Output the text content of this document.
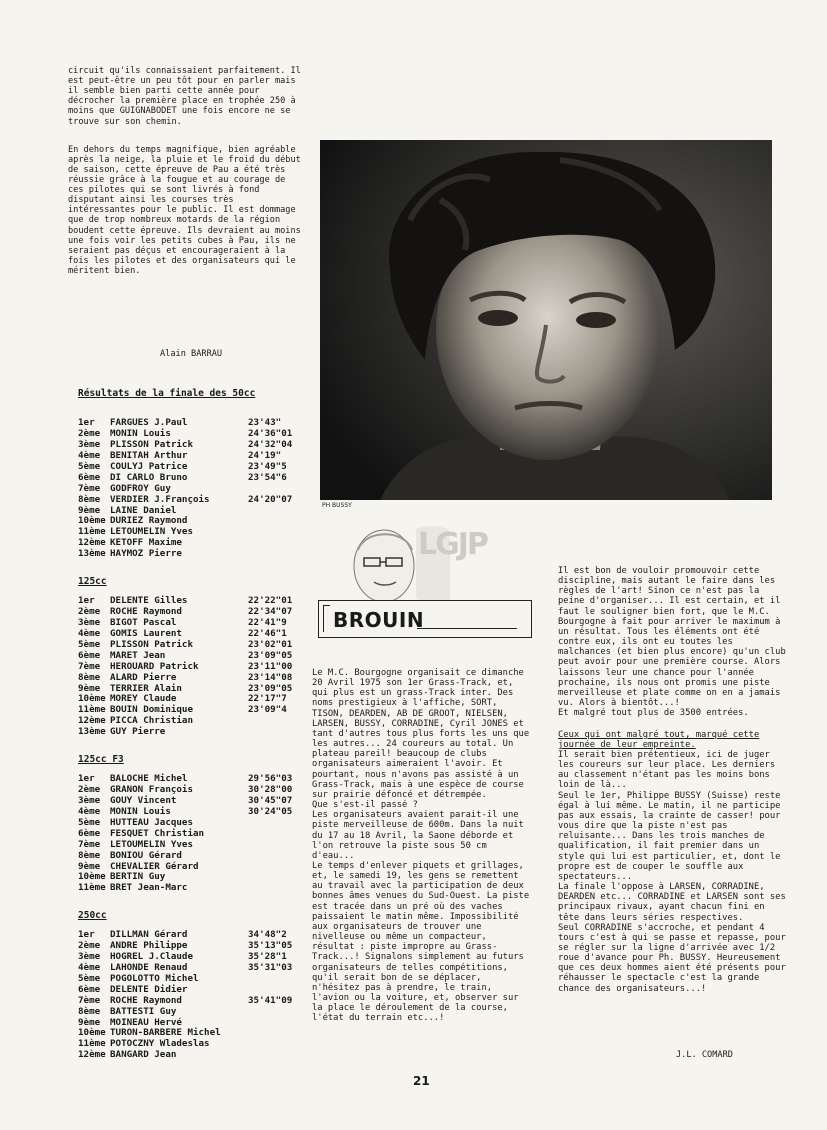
circuit qu'ils connaissaient parfaitement. Il est peut-être un peu tôt pour en parler mais il semble bien parti cette année pour décrocher la première place en trophée 250 à moins que GUIGNABODET une fois encore ne se trouve sur son chemin.

En dehors du temps magnifique, bien agréable après la neige, la pluie et le froid du début de saison, cette épreuve de Pau a été très réussie grâce à la fougue et au courage de ces pilotes qui se sont livrés à fond disputant ainsi les courses très intéressantes pour le public. Il est dommage que de trop nombreux motards de la région boudent cette épreuve. Ils devraient au moins une fois voir les petits cubes à Pau, ils ne seraient pas déçus et encourageraient à la fois les pilotes et des organisateurs qui le méritent bien.

Alain BARRAU
Résultats de la finale des 50cc
1er	FARGUES J.Paul	23'43"
2ème	MONIN Louis	24'36"01
3ème	PLISSON Patrick	24'32"04
4ème	BENITAH Arthur	24'19"
5ème	COULYJ Patrice	23'49"5
6ème	DI CARLO Bruno	23'54"6
7ème	GODFROY Guy
8ème	VERDIER J.François	24'20"07
9ème	LAINE Daniel
10ème DURIEZ Raymond
11ème LETOUMELIN Yves
12ème KETOFF Maxime
13ème HAYMOZ Pierre
125cc
1er	DELENTE Gilles	22'22"01
2ème	ROCHE Raymond	22'34"07
3ème	BIGOT Pascal	22'41"9
4ème	GOMIS Laurent	22'46"1
5ème	PLISSON Patrick	23'02"01
6ème	MARET Jean	23'09"05
7ème	HEROUARD Patrick	23'11"00
8ème	ALARD Pierre	23'14"08
9ème	TERRIER Alain	23'09"05
10ème MOREY Claude	22'17"7
11ème BOUIN Dominique	23'09"4
12ème PICCA Christian
13ème GUY Pierre
125cc F3
1er	BALOCHE Michel	29'56"03
2ème	GRANON François	30'28"00
3ème	GOUY Vincent	30'45"07
4ème	MONIN Louis	30'24"05
5ème	HUTTEAU Jacques
6ème	FESQUET Christian
7ème	LETOUMELIN Yves
8ème	BONIOU Gérard
9ème	CHEVALIER Gérard
10ème BERTIN Guy
11ème BRET Jean-Marc
250cc
1er	DILLMAN Gérard	34'48"2
2ème	ANDRE Philippe	35'13"05
3ème	HOGREL J.Claude	35'28"1
4ème	LAHONDE Renaud	35'31"03
5ème	POGOLOTTO Michel
6ème	DELENTE Didier
7ème	ROCHE Raymond	35'41"09
8ème	BATTESTI Guy
9ème	MOINEAU Hervé
10ème TURON-BARBERE Michel
11ème POTOCZNY Wladeslas
12ème BANGARD Jean
PH BUSSY
LGJP
BROUIN
Le M.C. Bourgogne organisait ce dimanche 20 Avril 1975 son 1er Grass-Track, et, qui plus est un grass-Track inter. Des noms prestigieux à l'affiche, SORT, TISON, DEARDEN, AB DE GROOT, NIELSEN, LARSEN, BUSSY, CORRADINE, Cyril JONES et tant d'autres tous plus forts les uns que les autres... 24 coureurs au total. Un plateau pareil! beaucoup de clubs organisateurs aimeraient l'avoir. Et pourtant, nous n'avons pas assisté à un Grass-Track, mais à une espèce de course sur prairie défoncé et détrempée.
Que s'est-il passé ?
Les organisateurs avaient parait-il une piste merveilleuse de 600m. Dans la nuit du 17 au 18 Avril, la Saone déborde et l'on retrouve la piste sous 50 cm d'eau...
Le temps d'enlever piquets et grillages, et, le samedi 19, les gens se remettent au travail avec la participation de deux bonnes âmes venues du Sud-Ouest. La piste est tracée dans un pré où des vaches paissaient le matin même. Impossibilité aux organisateurs de trouver une nivelleuse ou même un compacteur, résultat : piste impropre au Grass-Track...! Signalons simplement au futurs organisateurs de telles compétitions, qu'il serait bon de se déplacer, n'hésitez pas à prendre, le train, l'avion ou la voiture, et, observer sur la place le déroulement de la course, l'état du terrain etc...!
Il est bon de vouloir promouvoir cette discipline, mais autant le faire dans les règles de l'art! Sinon ce n'est pas la peine d'organiser... Il est certain, et il faut le souligner bien fort, que le M.C. Bourgogne à fait pour arriver le maximum à un résultat. Tous les éléments ont été contre eux, ils ont eu toutes les malchances (et bien plus encore) qu'un club peut avoir pour une première course. Alors laissons leur une chance pour l'année prochaine, ils nous ont promis une piste merveilleuse et plate comme on en a jamais vu. Alors à bientôt...!
Et malgré tout plus de 3500 entrées.
Ceux qui ont malgré tout, marqué cette journée de leur empreinte.
Il serait bien prétentieux, ici de juger les coureurs sur leur place. Les derniers au classement n'étant pas les moins bons loin de là...
Seul le 1er, Philippe BUSSY (Suisse) reste égal à lui même. Le matin, il ne participe pas aux essais, la crainte de casser! pour vous dire que la piste n'est pas reluisante... Dans les trois manches de qualification, il fait premier dans un style qui lui est particulier, et, dont le propre est de couper le souffle aux spectateurs...
La finale l'oppose à LARSEN, CORRADINE, DEARDEN etc... CORRADINE et LARSEN sont ses principaux rivaux, ayant chacun fini en tête dans leurs séries respectives.
Seul CORRADINE s'accroche, et pendant 4 tours c'est à qui se passe et repasse, pour se régler sur la ligne d'arrivée avec 1/2 roue d'avance pour Ph. BUSSY. Heureusement que ces deux hommes aient été présents pour réhausser le spectacle c'est la grande chance des organisateurs...!
J.L. COMARD
21
